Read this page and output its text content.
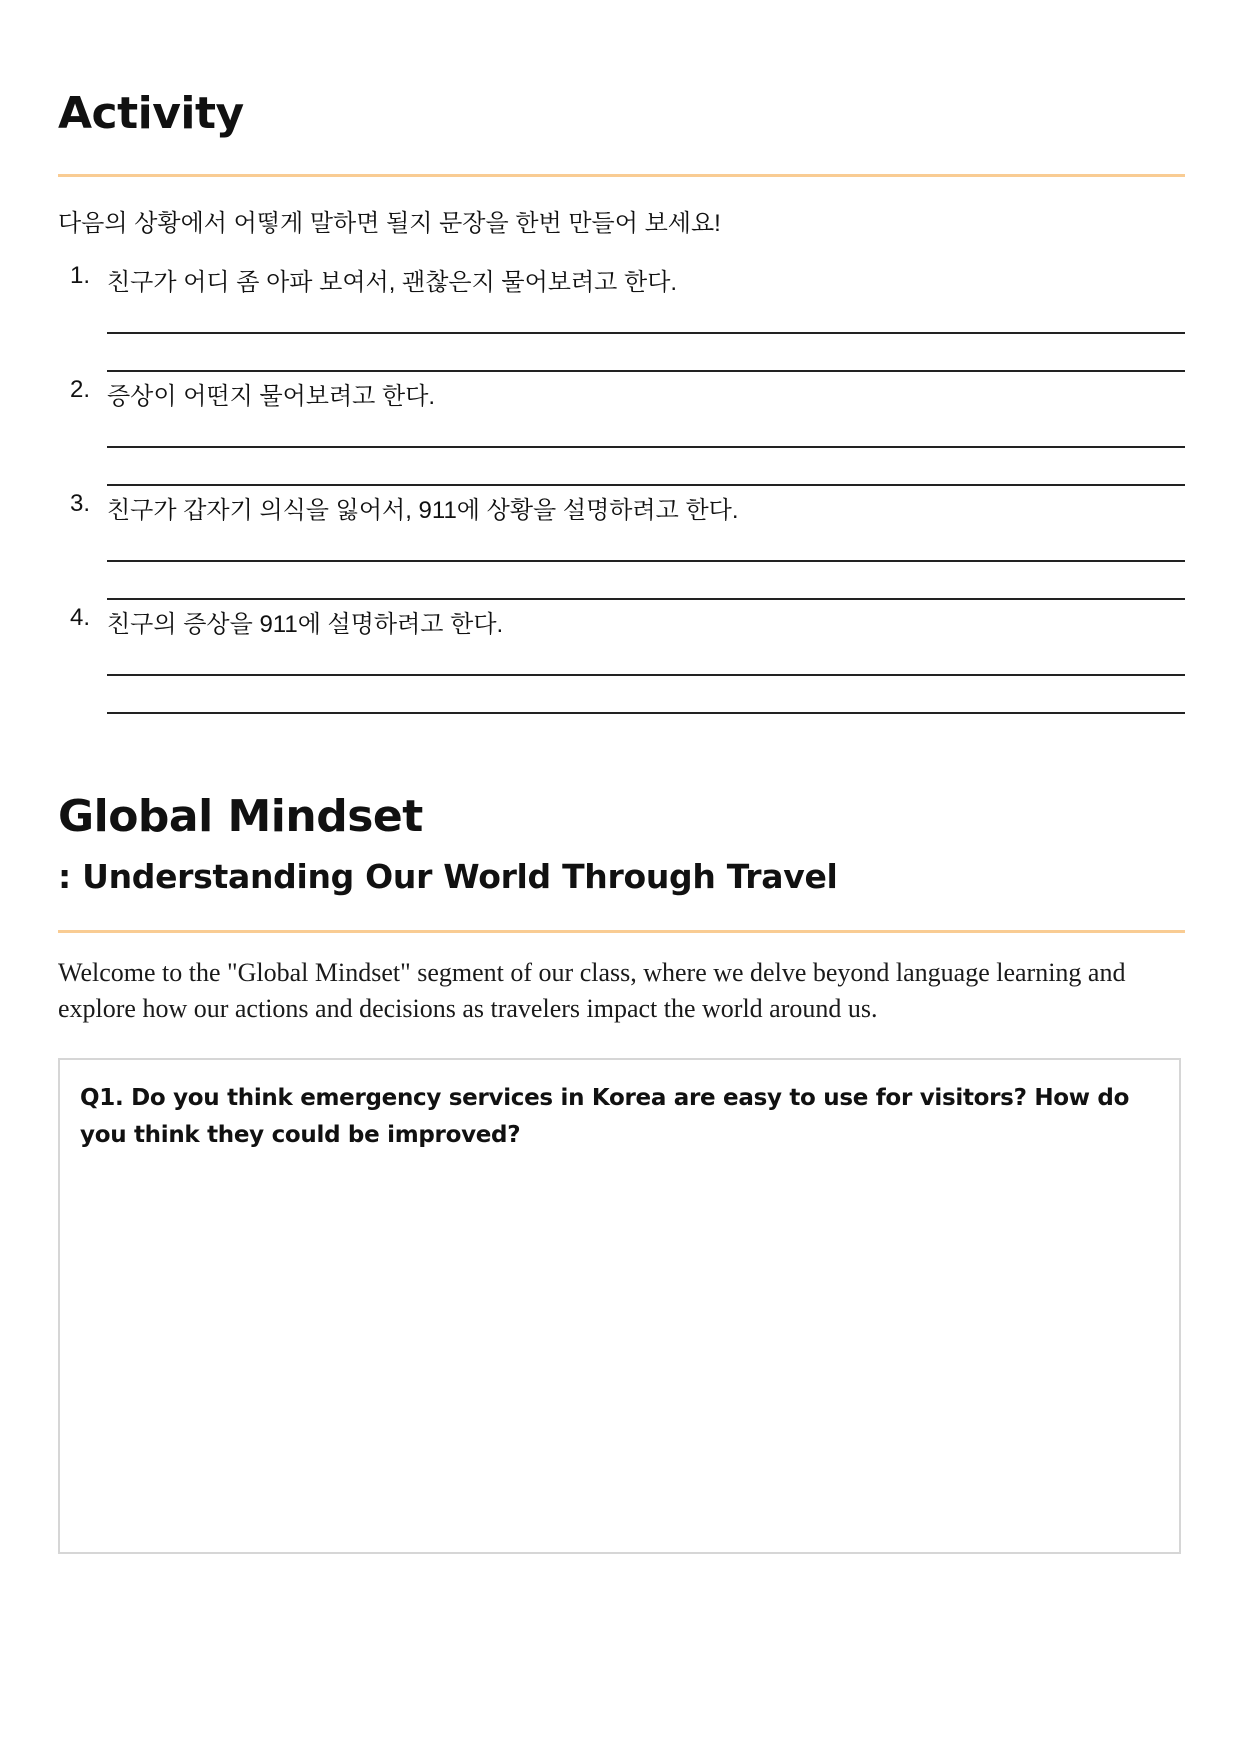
Activity
다음의 상황에서 어떻게 말하면 될지 문장을 한번 만들어 보세요!
1. 친구가 어디 좀 아파 보여서, 괜찮은지 물어보려고 한다.
2. 증상이 어떤지 물어보려고 한다.
3. 친구가 갑자기 의식을 잃어서, 911에 상황을 설명하려고 한다.
4. 친구의 증상을 911에 설명하려고 한다.
Global Mindset
: Understanding Our World Through Travel
Welcome to the "Global Mindset" segment of our class, where we delve beyond language learning and explore how our actions and decisions as travelers impact the world around us.
Q1. Do you think emergency services in Korea are easy to use for visitors? How do you think they could be improved?
